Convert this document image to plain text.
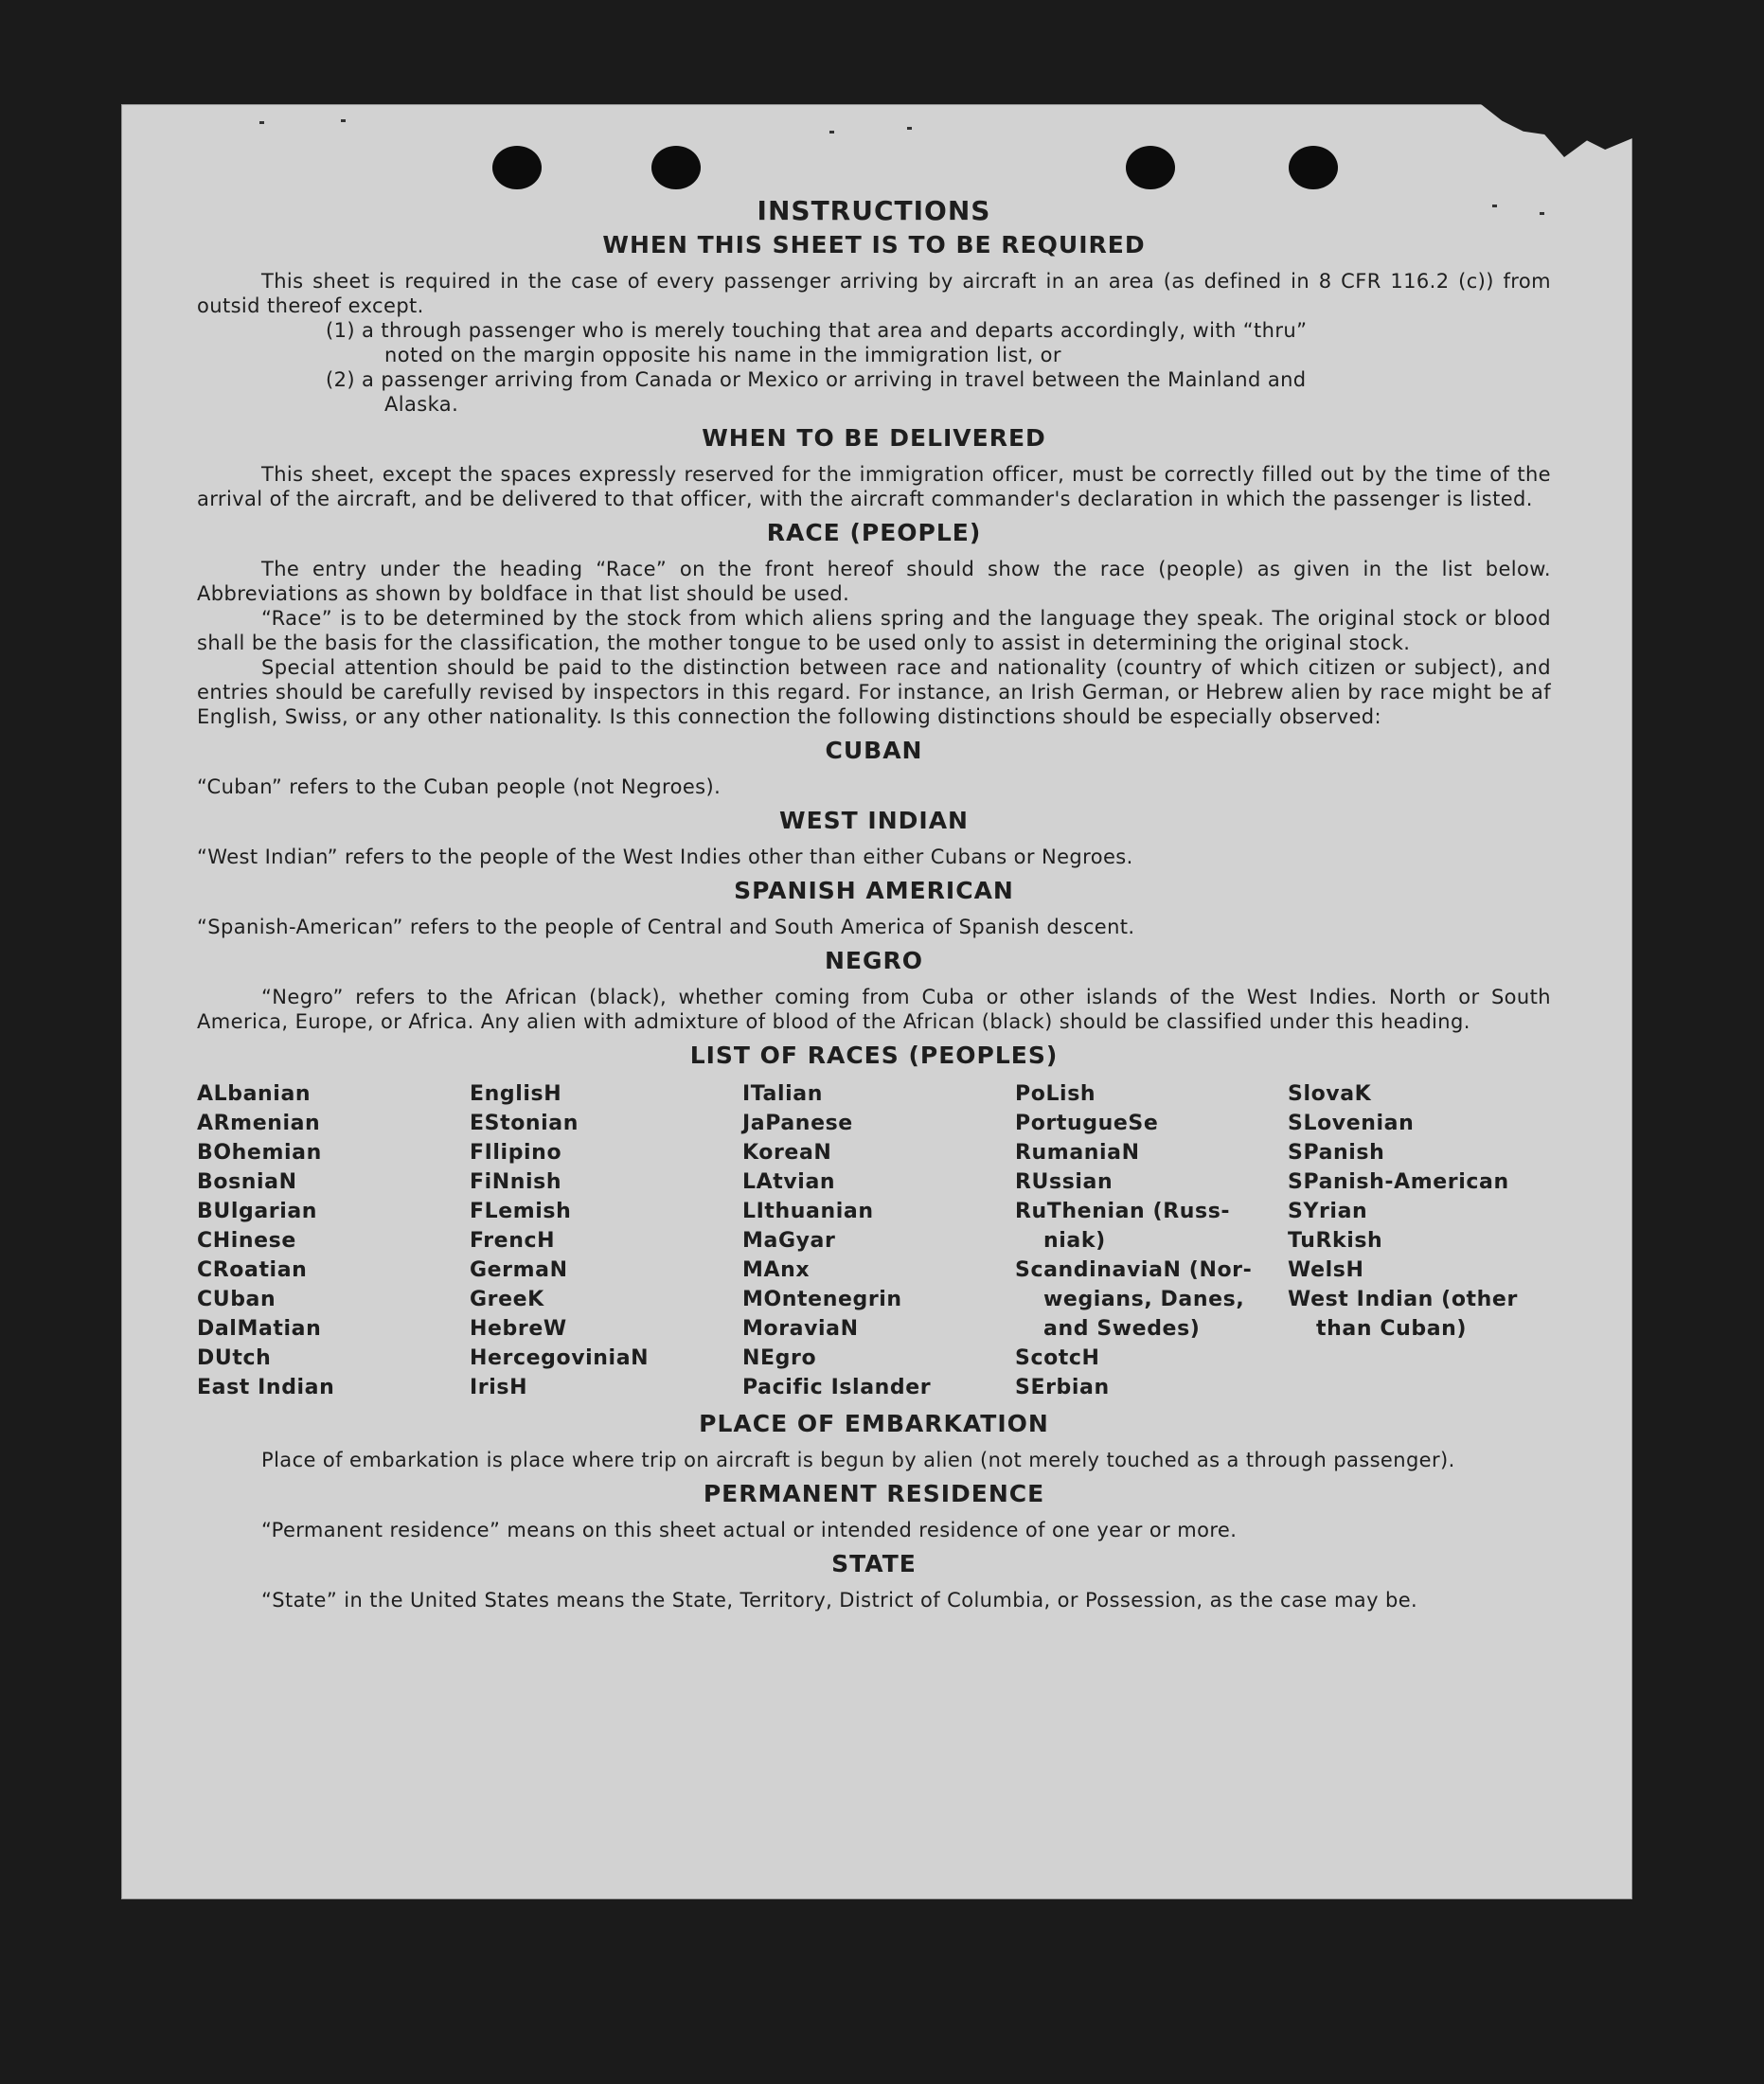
INSTRUCTIONS
WHEN THIS SHEET IS TO BE REQUIRED

This sheet is required in the case of every passenger arriving by aircraft in an area (as defined in 8 CFR 116.2 (c)) from outsid thereof except.

(1) a through passenger who is merely touching that area and departs accordingly, with “thru”
noted on the margin opposite his name in the immigration list, or
(2) a passenger arriving from Canada or Mexico or arriving in travel between the Mainland and
Alaska.
WHEN TO BE DELIVERED

This sheet, except the spaces expressly reserved for the immigration officer, must be correctly filled out by the time of the arrival of the aircraft, and be delivered to that officer, with the aircraft commander's declaration in which the passenger is listed.

RACE (PEOPLE)

The entry under the heading “Race” on the front hereof should show the race (people) as given in the list below. Abbreviations as shown by boldface in that list should be used.

“Race” is to be determined by the stock from which aliens spring and the language they speak. The original stock or blood shall be the basis for the classification, the mother tongue to be used only to assist in determining the original stock.

Special attention should be paid to the distinction between race and nationality (country of which citizen or subject), and entries should be carefully revised by inspectors in this regard. For instance, an Irish German, or Hebrew alien by race might be af English, Swiss, or any other nationality. Is this connection the following distinctions should be especially observed:

CUBAN

“Cuban” refers to the Cuban people (not Negroes).

WEST INDIAN

“West Indian” refers to the people of the West Indies other than either Cubans or Negroes.

SPANISH AMERICAN

“Spanish-American” refers to the people of Central and South America of Spanish descent.

NEGRO

“Negro” refers to the African (black), whether coming from Cuba or other islands of the West Indies. North or South America, Europe, or Africa. Any alien with admixture of blood of the African (black) should be classified under this heading.

LIST OF RACES (PEOPLES)
ALbanian	EnglisH	ITalian	PoLish	SlovaK
ARmenian	EStonian	JaPanese	PortugueSe	SLovenian
BOhemian	FIlipino	KoreaN	RumaniaN	SPanish
BosniaN	FiNnish	LAtvian	RUssian	SPanish-American
BUlgarian	FLemish	LIthuanian	RuThenian (Russ-	SYrian
CHinese	FrencH	MaGyar	niak)	TuRkish
CRoatian	GermaN	MAnx	ScandinaviaN (Nor-	WelsH
CUban	GreeK	MOntenegrin	wegians, Danes,	West Indian (other
DalMatian	HebreW	MoraviaN	and Swedes)	than Cuban)
DUtch	HercegoviniaN	NEgro	ScotcH
East Indian	IrisH	Pacific Islander	SErbian
PLACE OF EMBARKATION

Place of embarkation is place where trip on aircraft is begun by alien (not merely touched as a through passenger).

PERMANENT RESIDENCE

“Permanent residence” means on this sheet actual or intended residence of one year or more.

STATE

“State” in the United States means the State, Territory, District of Columbia, or Possession, as the case may be.
